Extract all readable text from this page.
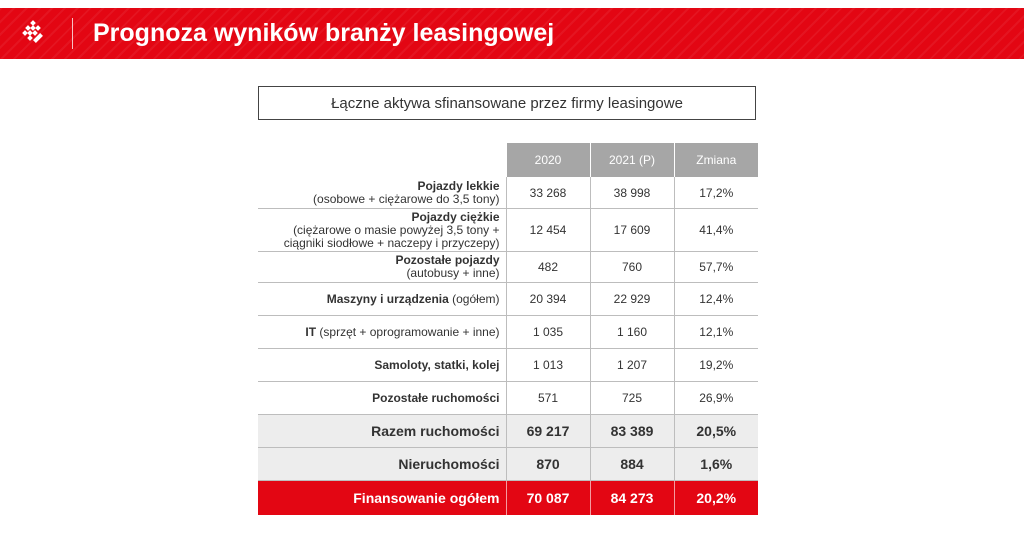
Prognoza wyników branży leasingowej
Łączne aktywa sfinansowane przez firmy leasingowe
	2020	2021 (P)	Zmiana

Pojazdy lekkie
(osobowe + ciężarowe do 3,5 tony)	33 268	38 998	17,2%

Pojazdy ciężkie
(ciężarowe o masie powyżej 3,5 tony + ciągniki siodłowe + naczepy i przyczepy)	12 454	17 609	41,4%

Pozostałe pojazdy
(autobusy + inne)	482	760	57,7%
Maszyny i urządzenia (ogółem)	20 394	22 929	12,4%
IT (sprzęt + oprogramowanie + inne)	1 035	1 160	12,1%
Samoloty, statki, kolej	1 013	1 207	19,2%
Pozostałe ruchomości	571	725	26,9%
Razem ruchomości	69 217	83 389	20,5%
Nieruchomości	870	884	1,6%
Finansowanie ogółem	70 087	84 273	20,2%
